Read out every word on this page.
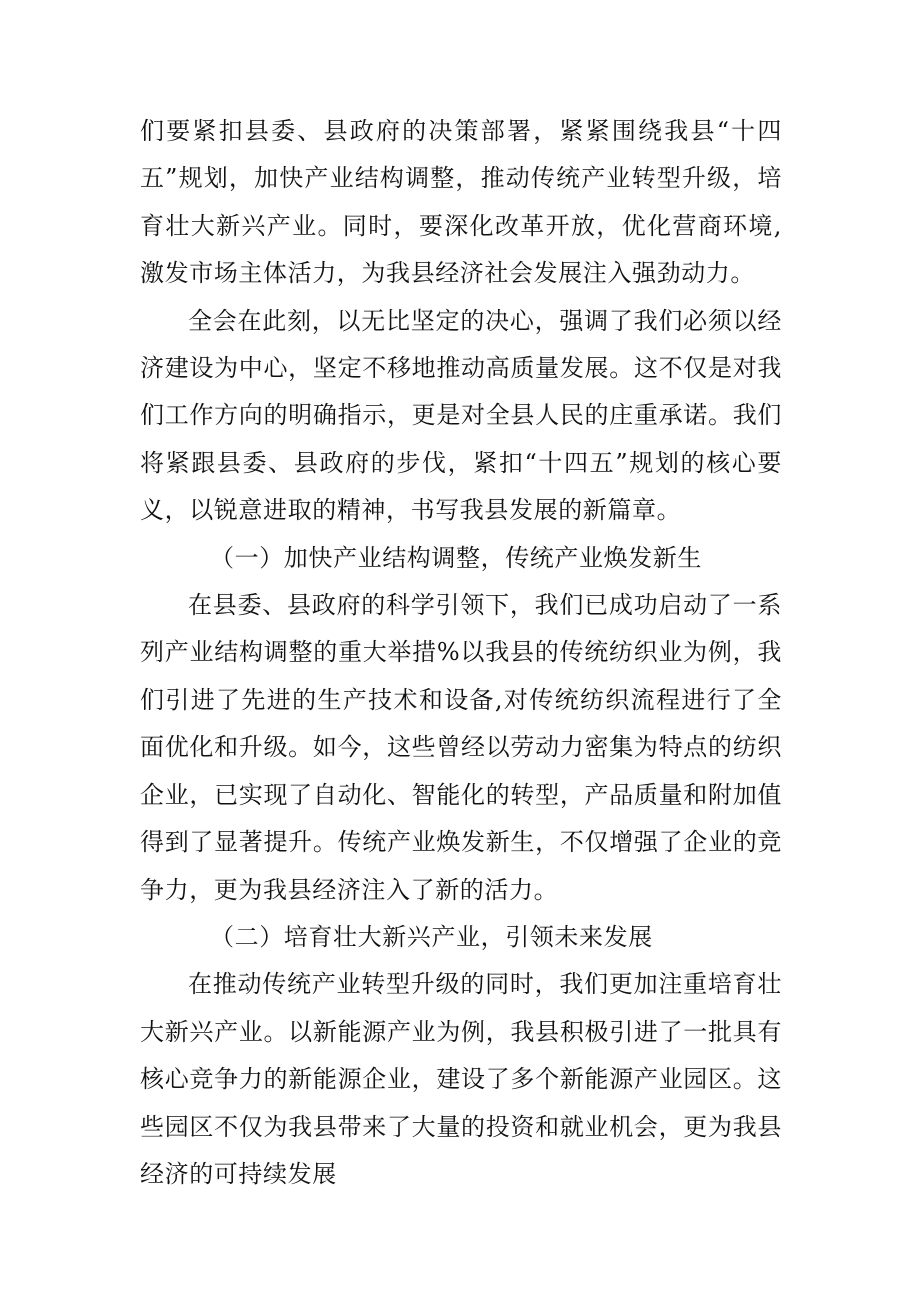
们要紧扣县委、县政府的决策部署，紧紧围绕我县“十四五”规划，加快产业结构调整，推动传统产业转型升级，培育壮大新兴产业。同时，要深化改革开放，优化营商环境,激发市场主体活力，为我县经济社会发展注入强劲动力。

全会在此刻，以无比坚定的决心，强调了我们必须以经济建设为中心，坚定不移地推动高质量发展。这不仅是对我们工作方向的明确指示，更是对全县人民的庄重承诺。我们将紧跟县委、县政府的步伐，紧扣“十四五”规划的核心要义，以锐意进取的精神，书写我县发展的新篇章。

（一）加快产业结构调整，传统产业焕发新生

在县委、县政府的科学引领下，我们已成功启动了一系列产业结构调整的重大举措%以我县的传统纺织业为例，我们引进了先进的生产技术和设备,对传统纺织流程进行了全面优化和升级。如今，这些曾经以劳动力密集为特点的纺织企业，已实现了自动化、智能化的转型，产品质量和附加值得到了显著提升。传统产业焕发新生，不仅增强了企业的竞争力，更为我县经济注入了新的活力。

（二）培育壮大新兴产业，引领未来发展

在推动传统产业转型升级的同时，我们更加注重培育壮大新兴产业。以新能源产业为例，我县积极引进了一批具有核心竞争力的新能源企业，建设了多个新能源产业园区。这些园区不仅为我县带来了大量的投资和就业机会，更为我县经济的可持续发展
